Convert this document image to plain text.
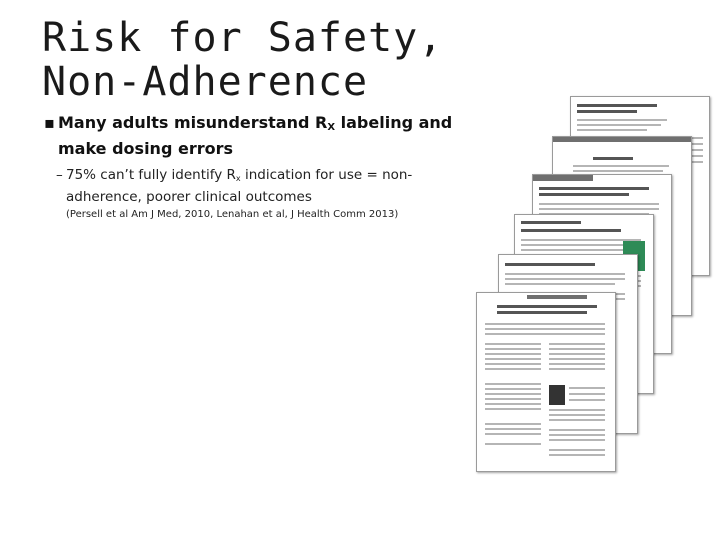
Risk for Safety, Non-Adherence
▪ Many adults misunderstand $R_X$ labeling and make dosing errors
– 75% can’t fully identify Rx indication for use = non-adherence, poorer clinical outcomes
(Persell et al Am J Med, 2010, Lenahan et al, J Health Comm 2013)
